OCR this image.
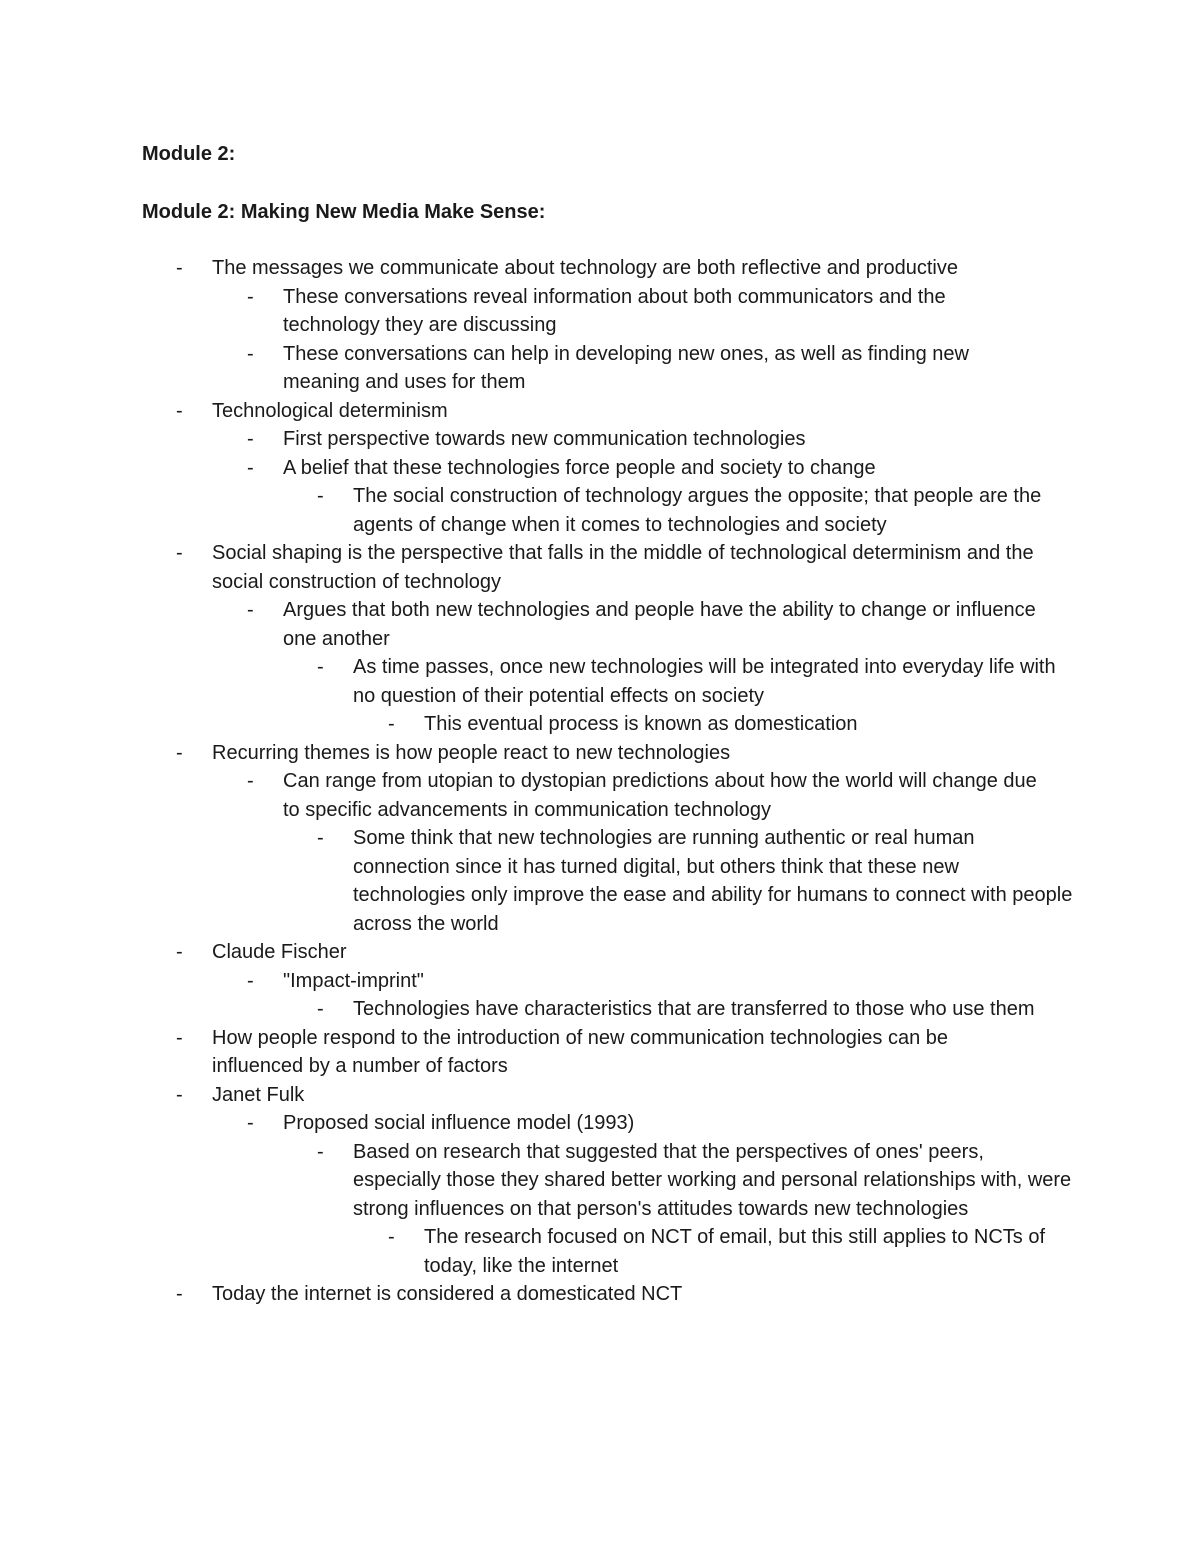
Module 2:
Module 2: Making New Media Make Sense:
-	The messages we communicate about technology are both reflective and productive
-	These conversations reveal information about both communicators and the technology they are discussing
-	These conversations can help in developing new ones, as well as finding new meaning and uses for them
-	Technological determinism
-	First perspective towards new communication technologies
-	A belief that these technologies force people and society to change
-	The social construction of technology argues the opposite; that people are the agents of change when it comes to technologies and society
-	Social shaping is the perspective that falls in the middle of technological determinism and the social construction of technology
-	Argues that both new technologies and people have the ability to change or influence one another
-	As time passes, once new technologies will be integrated into everyday life with no question of their potential effects on society
-	This eventual process is known as domestication
-	Recurring themes is how people react to new technologies
-	Can range from utopian to dystopian predictions about how the world will change due to specific advancements in communication technology
-	Some think that new technologies are running authentic or real human connection since it has turned digital, but others think that these new technologies only improve the ease and ability for humans to connect with people across the world
-	Claude Fischer
-	"Impact-imprint"
-	Technologies have characteristics that are transferred to those who use them
-	How people respond to the introduction of new communication technologies can be influenced by a number of factors
-	Janet Fulk
-	Proposed social influence model (1993)
-	Based on research that suggested that the perspectives of ones' peers, especially those they shared better working and personal relationships with, were strong influences on that person's attitudes towards new technologies
-	The research focused on NCT of email, but this still applies to NCTs of today, like the internet
-	Today the internet is considered a domesticated NCT
